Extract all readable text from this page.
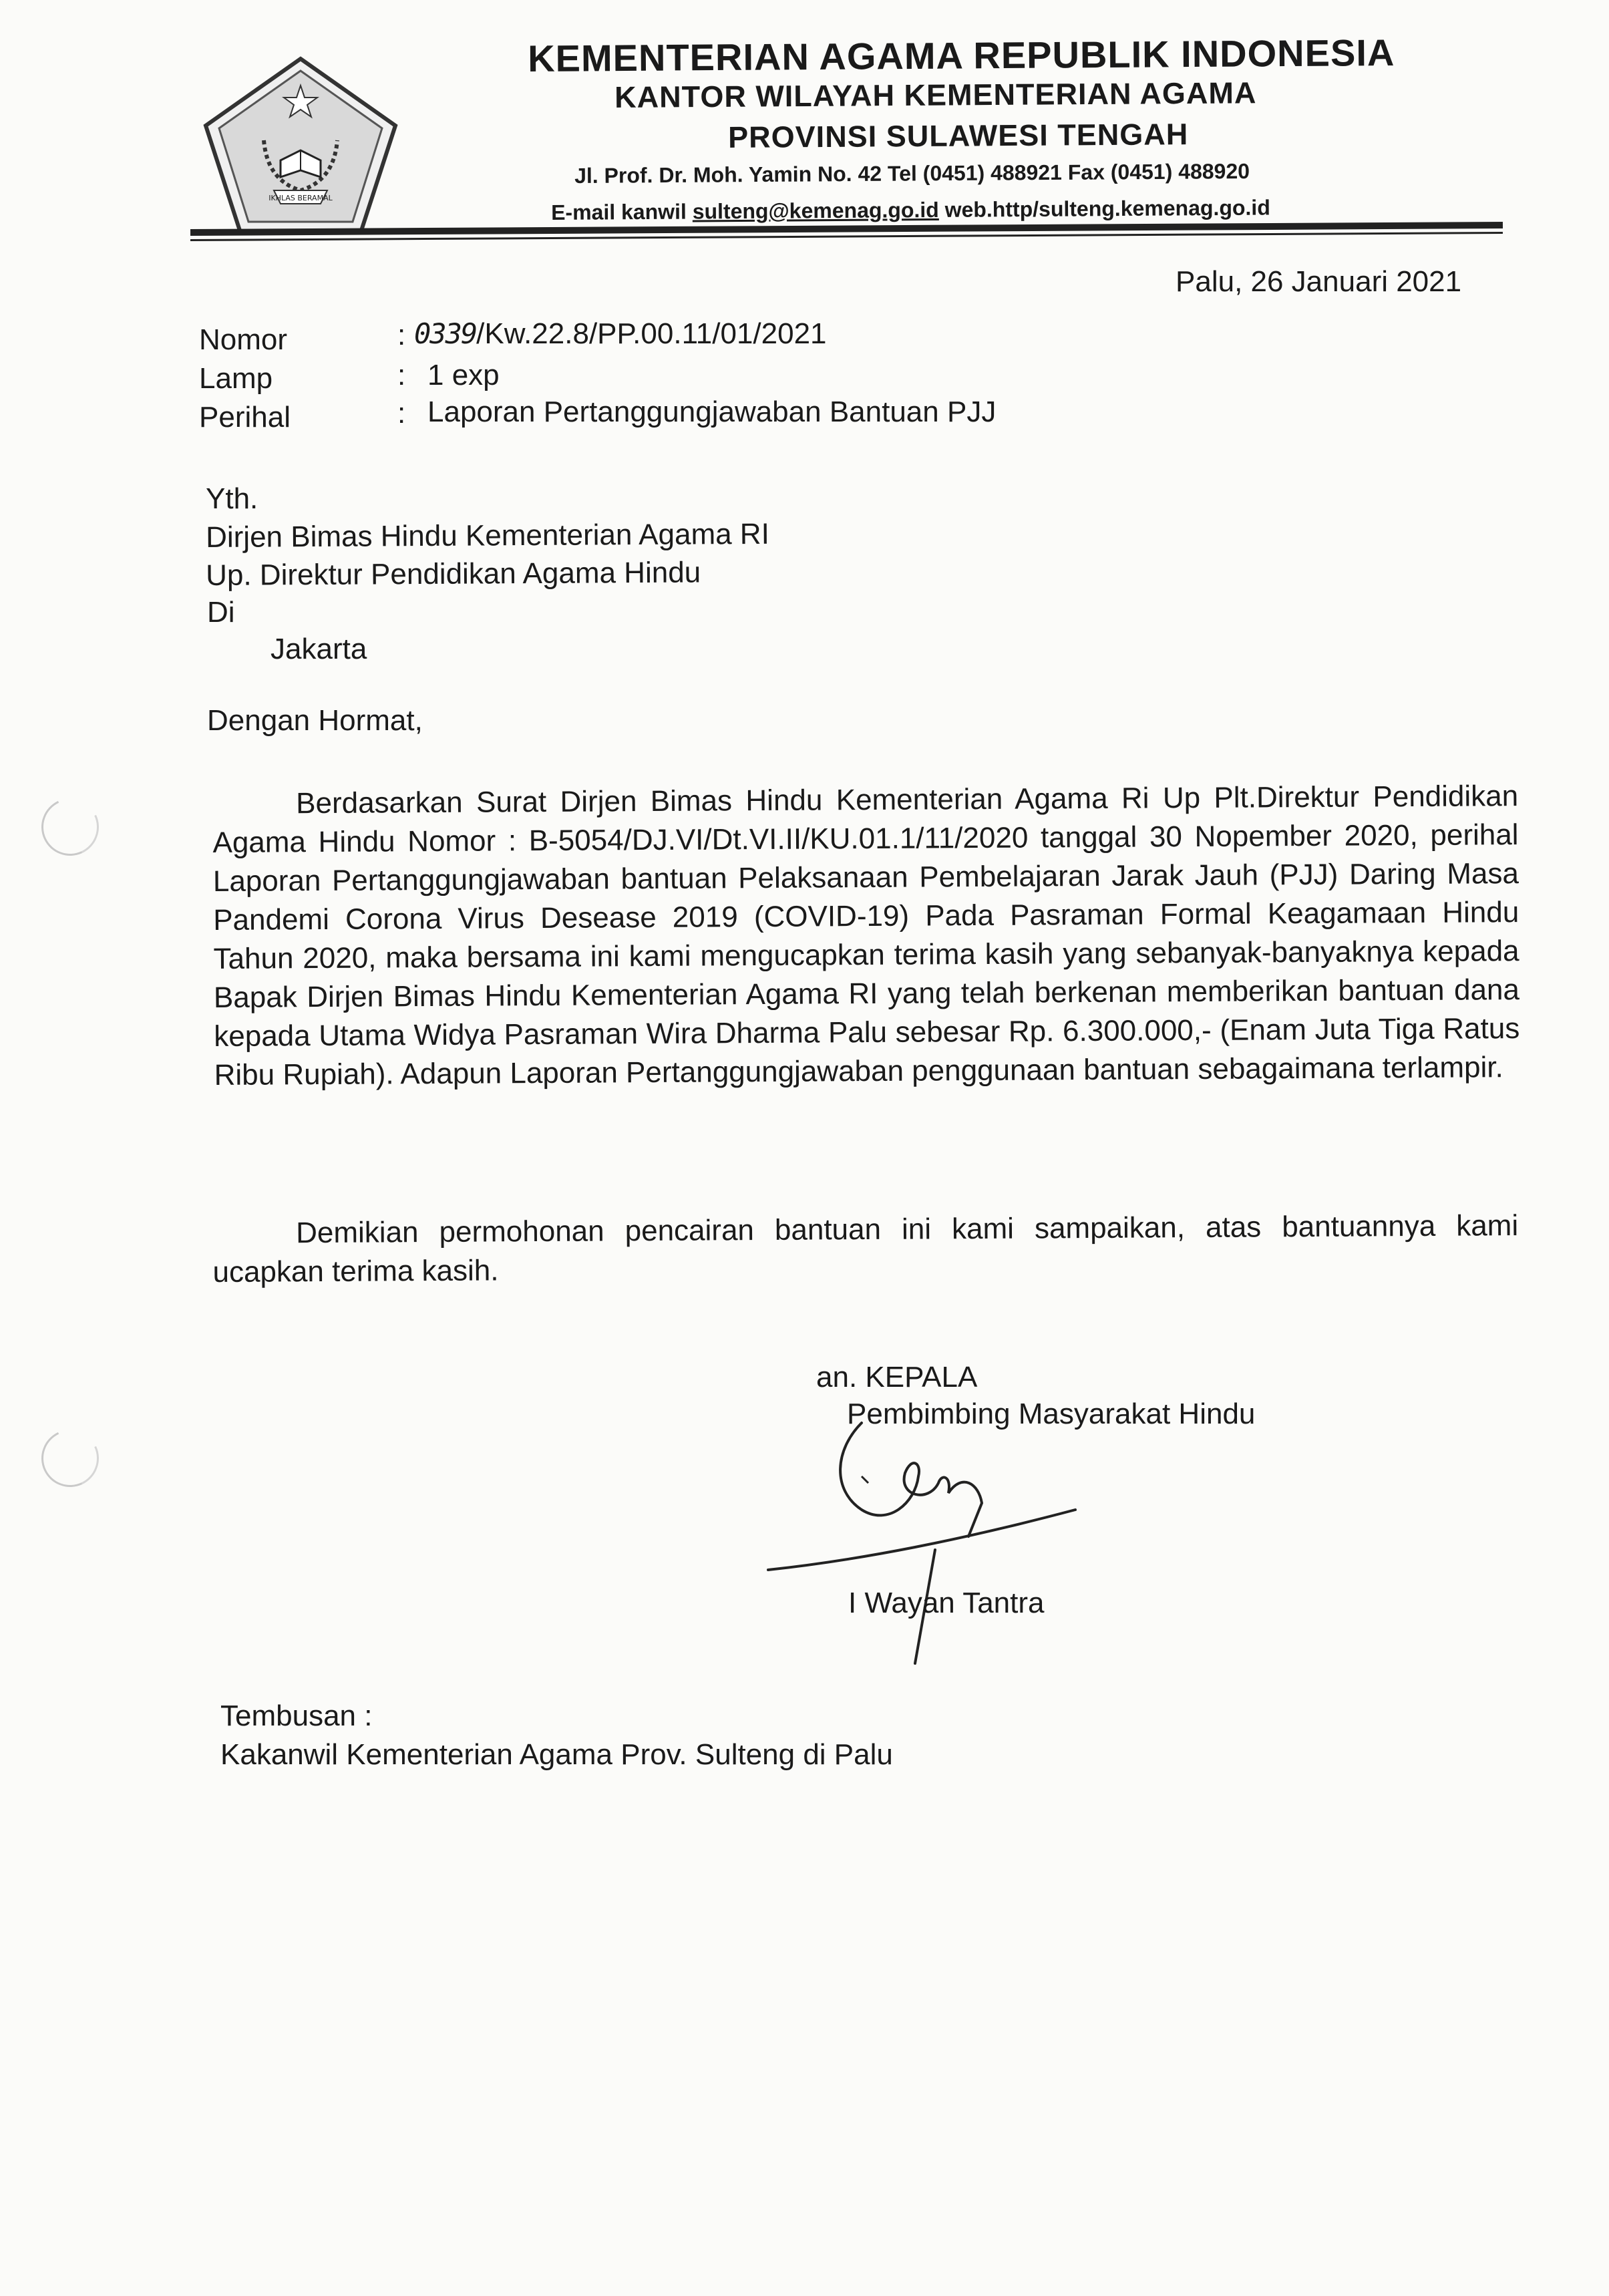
IKHLAS BERAMAL
KEMENTERIAN AGAMA REPUBLIK INDONESIA
KANTOR WILAYAH KEMENTERIAN AGAMA
PROVINSI SULAWESI TENGAH
Jl. Prof. Dr. Moh. Yamin No. 42 Tel (0451) 488921 Fax (0451) 488920
E-mail kanwil sulteng@kemenag.go.id web.http/sulteng.kemenag.go.id
Palu, 26 Januari 2021
Nomor	: 0339/Kw.22.8/PP.00.11/01/2021
Lamp	: 1 exp
Perihal	: Laporan Pertanggungjawaban Bantuan PJJ
Yth.
Dirjen Bimas Hindu Kementerian Agama RI
Up. Direktur Pendidikan Agama Hindu
Di
Jakarta
Dengan Hormat,
Berdasarkan Surat Dirjen Bimas Hindu Kementerian Agama Ri Up Plt.Direktur Pendidikan Agama Hindu Nomor : B-5054/DJ.VI/Dt.VI.II/KU.01.1/11/2020 tanggal 30 Nopember 2020, perihal Laporan Pertanggungjawaban bantuan Pelaksanaan Pembelajaran Jarak Jauh (PJJ) Daring Masa Pandemi Corona Virus Desease 2019 (COVID-19) Pada Pasraman Formal Keagamaan Hindu Tahun 2020, maka bersama ini kami mengucapkan terima kasih yang sebanyak-banyaknya kepada Bapak Dirjen Bimas Hindu Kementerian Agama RI yang telah berkenan memberikan bantuan dana kepada Utama Widya Pasraman Wira Dharma Palu sebesar Rp. 6.300.000,- (Enam Juta Tiga Ratus Ribu Rupiah). Adapun Laporan Pertanggungjawaban penggunaan bantuan sebagaimana terlampir.
Demikian permohonan pencairan bantuan ini kami sampaikan, atas bantuannya kami ucapkan terima kasih.
an. KEPALA
Pembimbing Masyarakat Hindu
I Wayan Tantra
Tembusan :
Kakanwil Kementerian Agama Prov. Sulteng di Palu
